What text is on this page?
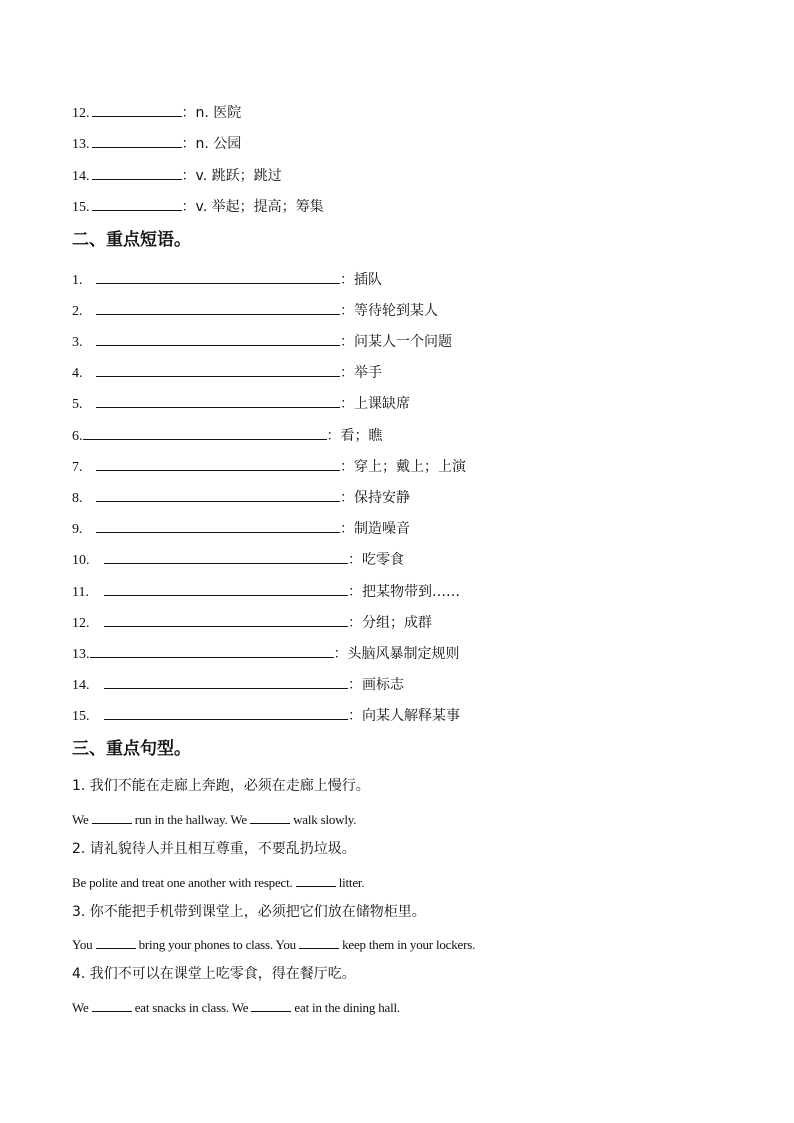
12.	：n. 医院
13.	：n. 公园
14.	：v. 跳跃；跳过
15.	：v. 举起；提高；筹集
二、重点短语。
1.	：插队
2.	：等待轮到某人
3.	：问某人一个问题
4.	：举手
5.	：上课缺席
6.	：看；瞧
7.	：穿上；戴上；上演
8.	：保持安静
9.	：制造噪音
10.	：吃零食
11.	：把某物带到……
12.	：分组；成群
13.	：头脑风暴制定规则
14.	：画标志
15.	：向某人解释某事
三、重点句型。
1. 我们不能在走廊上奔跑，必须在走廊上慢行。
We	run in the hallway. We	walk slowly.
2. 请礼貌待人并且相互尊重，不要乱扔垃圾。
Be polite and treat one another with respect.	litter.
3. 你不能把手机带到课堂上，必须把它们放在储物柜里。
You	bring your phones to class. You	keep them in your lockers.
4. 我们不可以在课堂上吃零食，得在餐厅吃。
We	eat snacks in class. We	eat in the dining hall.
